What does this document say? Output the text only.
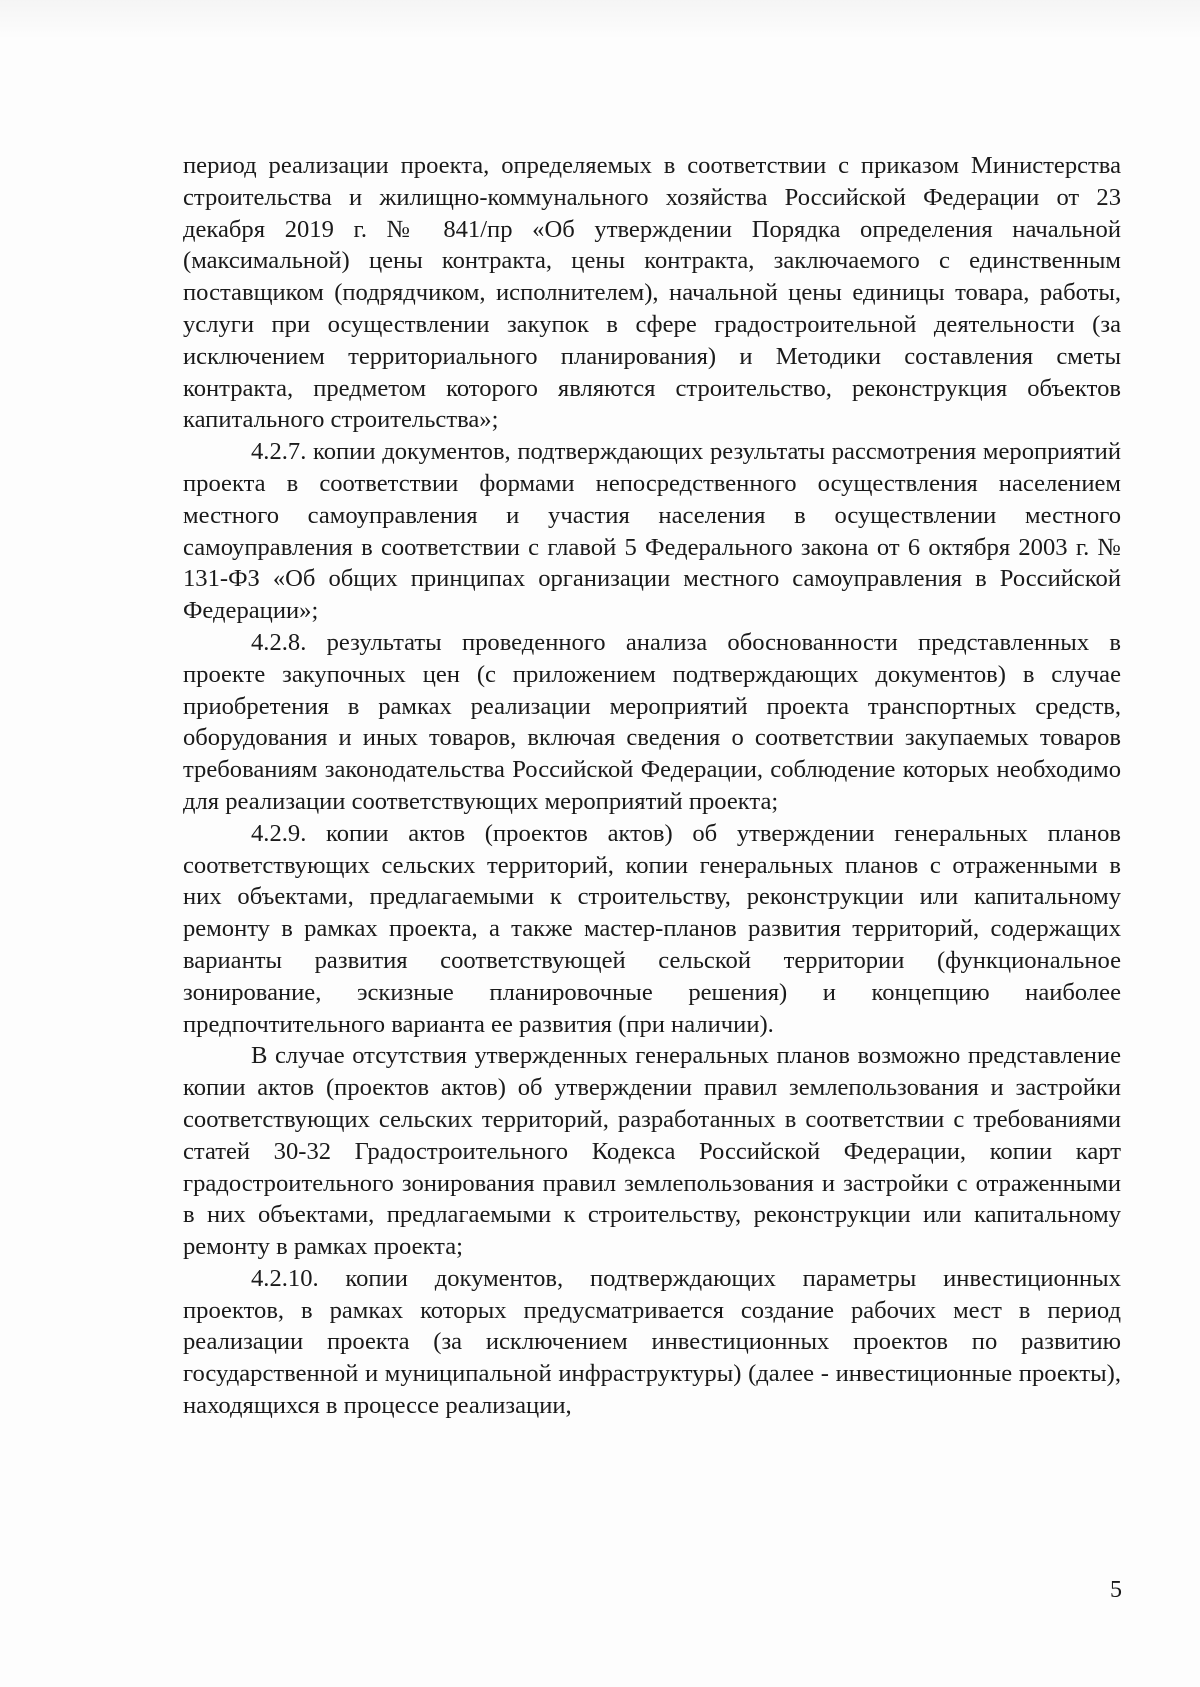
период реализации проекта, определяемых в соответствии с приказом Министерства строительства и жилищно-коммунального хозяйства Российской Федерации от 23 декабря 2019 г. № 841/пр «Об утверждении Порядка определения начальной (максимальной) цены контракта, цены контракта, заключаемого с единственным поставщиком (подрядчиком, исполнителем), начальной цены единицы товара, работы, услуги при осуществлении закупок в сфере градостроительной деятельности (за исключением территориального планирования) и Методики составления сметы контракта, предметом которого являются строительство, реконструкция объектов капитального строительства»;

4.2.7. копии документов, подтверждающих результаты рассмотрения мероприятий проекта в соответствии формами непосредственного осуществления населением местного самоуправления и участия населения в осуществлении местного самоуправления в соответствии с главой 5 Федерального закона от 6 октября 2003 г. № 131-ФЗ «Об общих принципах организации местного самоуправления в Российской Федерации»;

4.2.8. результаты проведенного анализа обоснованности представленных в проекте закупочных цен (с приложением подтверждающих документов) в случае приобретения в рамках реализации мероприятий проекта транспортных средств, оборудования и иных товаров, включая сведения о соответствии закупаемых товаров требованиям законодательства Российской Федерации, соблюдение которых необходимо для реализации соответствующих мероприятий проекта;

4.2.9. копии актов (проектов актов) об утверждении генеральных планов соответствующих сельских территорий, копии генеральных планов с отраженными в них объектами, предлагаемыми к строительству, реконструкции или капитальному ремонту в рамках проекта, а также мастер-планов развития территорий, содержащих варианты развития соответствующей сельской территории (функциональное зонирование, эскизные планировочные решения) и концепцию наиболее предпочтительного варианта ее развития (при наличии).

В случае отсутствия утвержденных генеральных планов возможно представление копии актов (проектов актов) об утверждении правил землепользования и застройки соответствующих сельских территорий, разработанных в соответствии с требованиями статей 30-32 Градостроительного Кодекса Российской Федерации, копии карт градостроительного зонирования правил землепользования и застройки с отраженными в них объектами, предлагаемыми к строительству, реконструкции или капитальному ремонту в рамках проекта;

4.2.10. копии документов, подтверждающих параметры инвестиционных проектов, в рамках которых предусматривается создание рабочих мест в период реализации проекта (за исключением инвестиционных проектов по развитию государственной и муниципальной инфраструктуры) (далее - инвестиционные проекты), находящихся в процессе реализации,

5
